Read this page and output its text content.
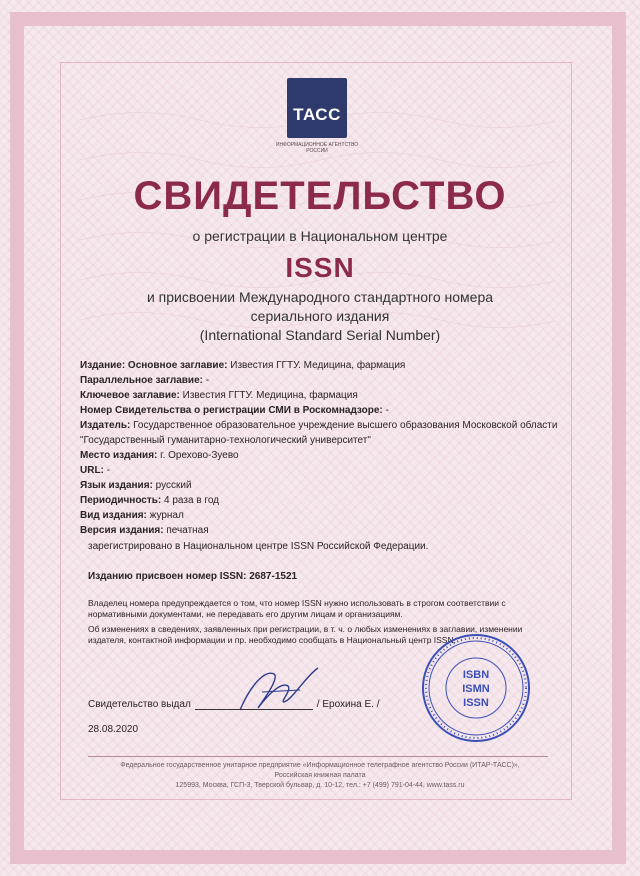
ТАСС
ИНФОРМАЦИОННОЕ АГЕНТСТВО РОССИИ
СВИДЕТЕЛЬСТВО
о регистрации в Национальном центре
ISSN
и присвоении Международного стандартного номера
сериального издания
(International Standard Serial Number)
Издание: Основное заглавие: Известия ГГТУ. Медицина, фармация
Параллельное заглавие: -
Ключевое заглавие: Известия ГГТУ. Медицина, фармация
Номер Свидетельства о регистрации СМИ в Роскомнадзоре: -
Издатель: Государственное образовательное учреждение высшего образования Московской области "Государственный гуманитарно-технологический университет"
Место издания: г. Орехово-Зуево
URL: -
Язык издания: русский
Периодичность: 4 раза в год
Вид издания: журнал
Версия издания: печатная
зарегистрировано в Национальном центре ISSN Российской Федерации.
Изданию присвоен номер ISSN: 2687-1521

Владелец номера предупреждается о том, что номер ISSN нужно использовать в строгом соответствии с нормативными документами, не передавать его другим лицам и организациям.

Об изменениях в сведениях, заявленных при регистрации, в т. ч. о любых изменениях в заглавии, изменении издателя, контактной информации и пр. необходимо сообщать в Национальный центр ISSN.

Свидетельство выдал	/ Ерохина Е. /
28.08.2020
ISBN
ISMN
ISSN
Федеральное государственное унитарное предприятие «Информационное телеграфное агентство России (ИТАР-ТАСС)»,
Российская книжная палата
125993, Москва, ГСП-3, Тверской бульвар, д. 10-12, тел.: +7 (499) 791-04-44, www.tass.ru
